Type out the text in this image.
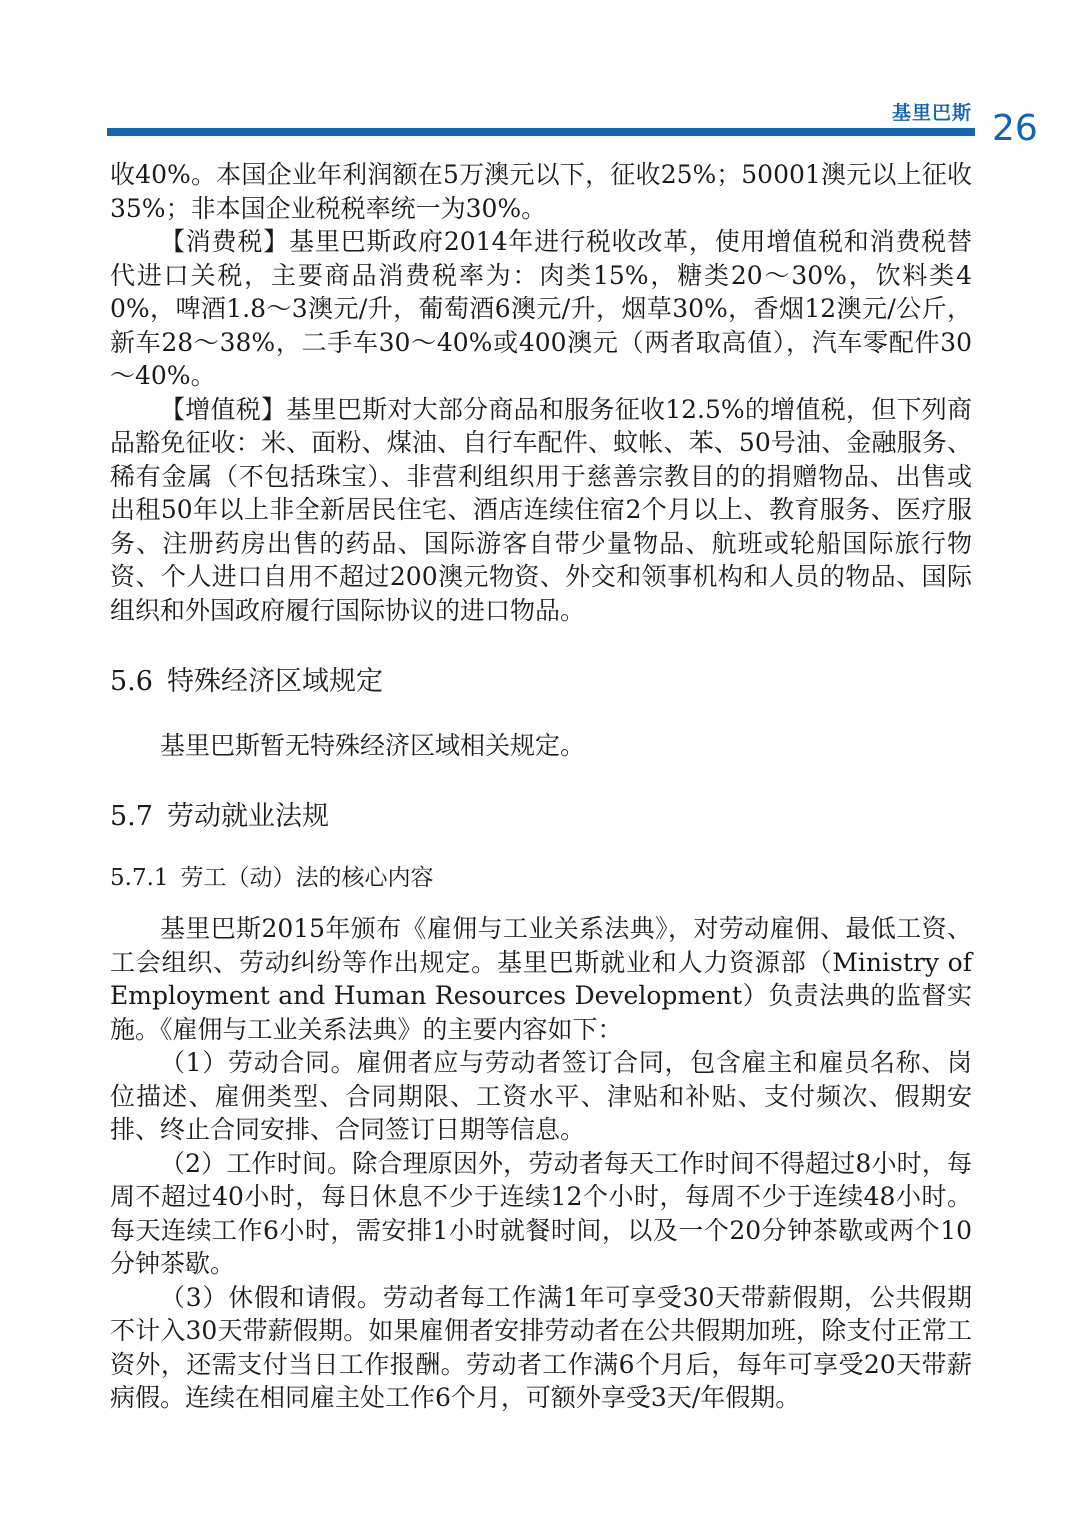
基里巴斯 26

收40%。本国企业年利润额在5万澳元以下，征收25%；50001澳元以上征收35%；非本国企业税税率统一为30%。

【消费税】基里巴斯政府2014年进行税收改革，使用增值税和消费税替代进口关税，主要商品消费税率为：肉类15%，糖类20～30%，饮料类40%，啤酒1.8～3澳元/升，葡萄酒6澳元/升，烟草30%，香烟12澳元/公斤，新车28～38%，二手车30～40%或400澳元（两者取高值），汽车零配件30～40%。

【增值税】基里巴斯对大部分商品和服务征收12.5%的增值税，但下列商品豁免征收：米、面粉、煤油、自行车配件、蚊帐、苯、50号油、金融服务、稀有金属（不包括珠宝）、非营利组织用于慈善宗教目的的捐赠物品、出售或出租50年以上非全新居民住宅、酒店连续住宿2个月以上、教育服务、医疗服务、注册药房出售的药品、国际游客自带少量物品、航班或轮船国际旅行物资、个人进口自用不超过200澳元物资、外交和领事机构和人员的物品、国际组织和外国政府履行国际协议的进口物品。

5.6 特殊经济区域规定

基里巴斯暂无特殊经济区域相关规定。

5.7 劳动就业法规
5.7.1 劳工（动）法的核心内容

基里巴斯2015年颁布《雇佣与工业关系法典》，对劳动雇佣、最低工资、工会组织、劳动纠纷等作出规定。基里巴斯就业和人力资源部（Ministry of Employment and Human Resources Development）负责法典的监督实施。《雇佣与工业关系法典》的主要内容如下：

（1）劳动合同。雇佣者应与劳动者签订合同，包含雇主和雇员名称、岗位描述、雇佣类型、合同期限、工资水平、津贴和补贴、支付频次、假期安排、终止合同安排、合同签订日期等信息。

（2）工作时间。除合理原因外，劳动者每天工作时间不得超过8小时，每周不超过40小时，每日休息不少于连续12个小时，每周不少于连续48小时。每天连续工作6小时，需安排1小时就餐时间，以及一个20分钟茶歇或两个10分钟茶歇。

（3）休假和请假。劳动者每工作满1年可享受30天带薪假期，公共假期不计入30天带薪假期。如果雇佣者安排劳动者在公共假期加班，除支付正常工资外，还需支付当日工作报酬。劳动者工作满6个月后，每年可享受20天带薪病假。连续在相同雇主处工作6个月，可额外享受3天/年假期。
